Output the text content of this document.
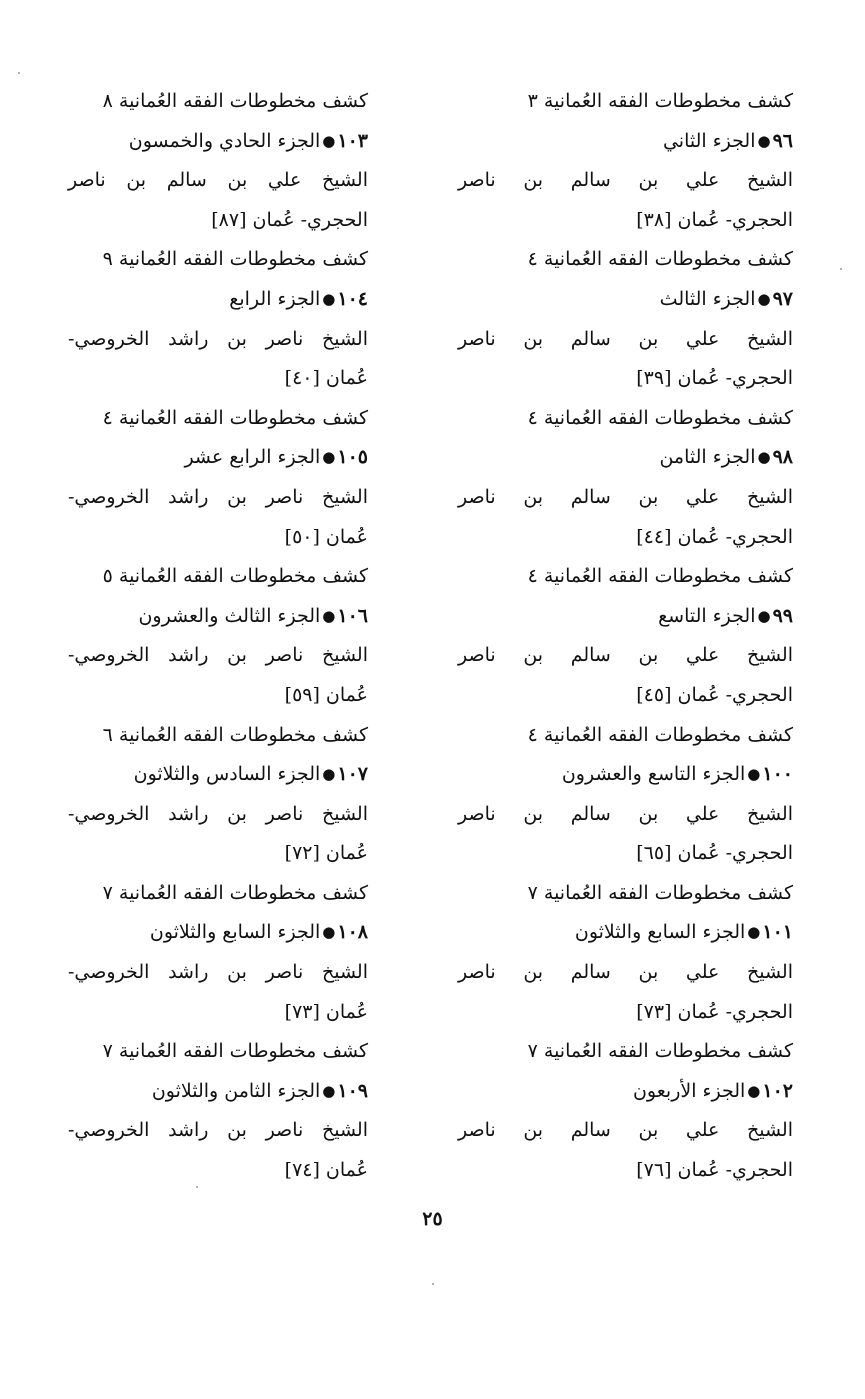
كشف مخطوطات الفقه العُمانية ٣
٩٦●الجزء الثاني
الشيخ علي بن سالم بن ناصر
الحجري- عُمان [٣٨]
كشف مخطوطات الفقه العُمانية ٤
٩٧●الجزء الثالث
الشيخ علي بن سالم بن ناصر
الحجري- عُمان [٣٩]
كشف مخطوطات الفقه العُمانية ٤
٩٨●الجزء الثامن
الشيخ علي بن سالم بن ناصر
الحجري- عُمان [٤٤]
كشف مخطوطات الفقه العُمانية ٤
٩٩●الجزء التاسع
الشيخ علي بن سالم بن ناصر
الحجري- عُمان [٤٥]
كشف مخطوطات الفقه العُمانية ٤
١٠٠●الجزء التاسع والعشرون
الشيخ علي بن سالم بن ناصر
الحجري- عُمان [٦٥]
كشف مخطوطات الفقه العُمانية ٧
١٠١●الجزء السابع والثلاثون
الشيخ علي بن سالم بن ناصر
الحجري- عُمان [٧٣]
كشف مخطوطات الفقه العُمانية ٧
١٠٢●الجزء الأربعون
الشيخ علي بن سالم بن ناصر
الحجري- عُمان [٧٦]
كشف مخطوطات الفقه العُمانية ٨
١٠٣●الجزء الحادي والخمسون
الشيخ علي بن سالم بن ناصر
الحجري- عُمان [٨٧]
كشف مخطوطات الفقه العُمانية ٩
١٠٤●الجزء الرابع
الشيخ ناصر بن راشد الخروصي-
عُمان [٤٠]
كشف مخطوطات الفقه العُمانية ٤
١٠٥●الجزء الرابع عشر
الشيخ ناصر بن راشد الخروصي-
عُمان [٥٠]
كشف مخطوطات الفقه العُمانية ٥
١٠٦●الجزء الثالث والعشرون
الشيخ ناصر بن راشد الخروصي-
عُمان [٥٩]
كشف مخطوطات الفقه العُمانية ٦
١٠٧●الجزء السادس والثلاثون
الشيخ ناصر بن راشد الخروصي-
عُمان [٧٢]
كشف مخطوطات الفقه العُمانية ٧
١٠٨●الجزء السابع والثلاثون
الشيخ ناصر بن راشد الخروصي-
عُمان [٧٣]
كشف مخطوطات الفقه العُمانية ٧
١٠٩●الجزء الثامن والثلاثون
الشيخ ناصر بن راشد الخروصي-
عُمان [٧٤]
٢٥
